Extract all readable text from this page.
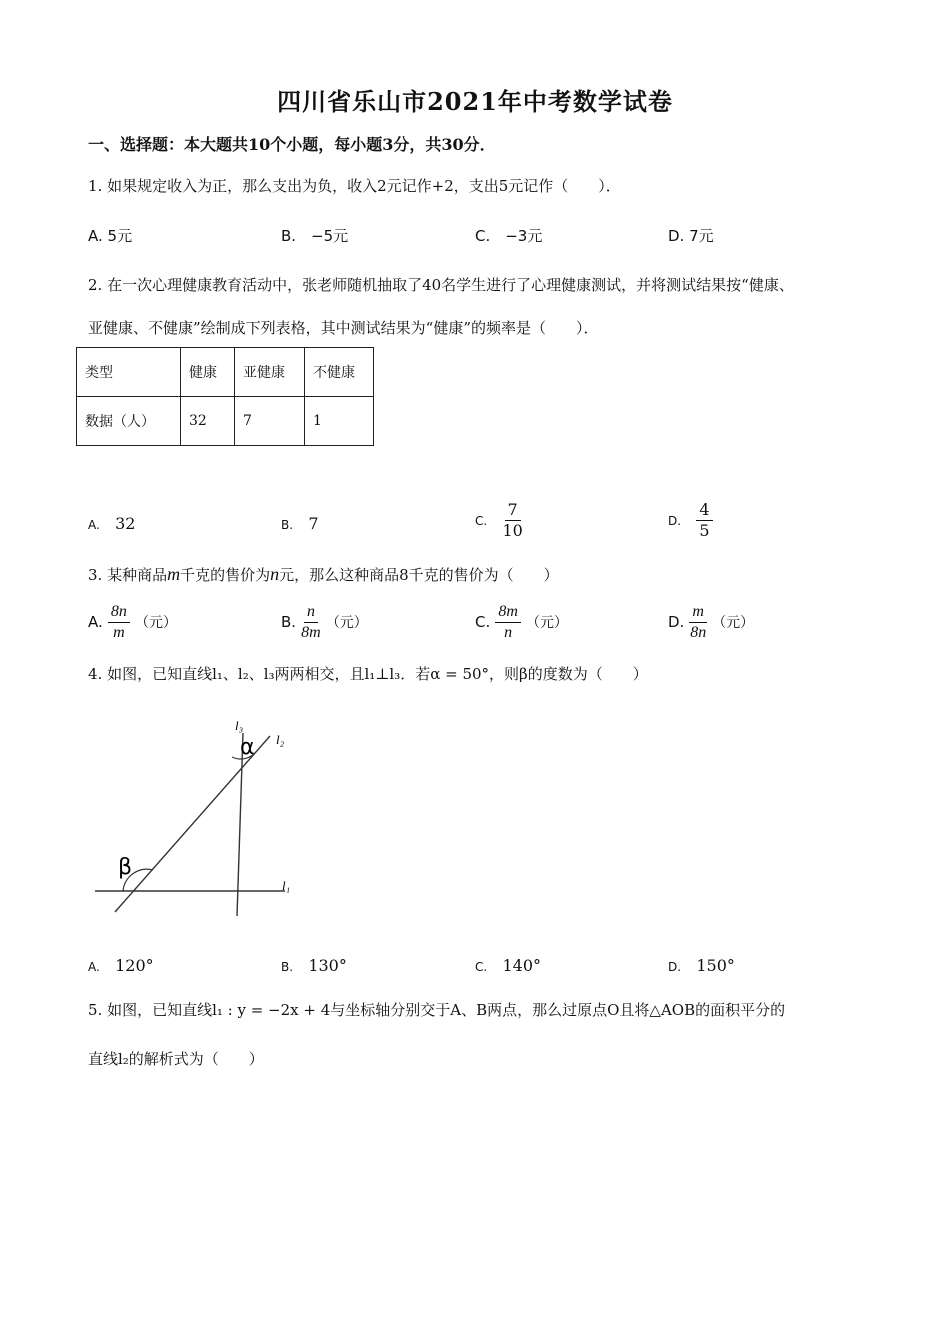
四川省乐山市2021年中考数学试卷
一、选择题：本大题共10个小题，每小题3分，共30分．
1. 如果规定收入为正，那么支出为负，收入2元记作+2，支出5元记作（　　）．
A. 5元	B.　−5元	C.　−3元	D. 7元
2. 在一次心理健康教育活动中，张老师随机抽取了40名学生进行了心理健康测试，并将测试结果按“健康、
亚健康、不健康”绘制成下列表格，其中测试结果为“健康”的频率是（　　）．
类型	健康	亚健康	不健康
数据（人）	32	7	1
A. 32	B. 7	C. $\frac{7}{10}$	D. $\frac{4}{5}$
3. 某种商品m千克的售价为n元，那么这种商品8千克的售价为（　　）
A. $\frac{8n}{m}$ （元）	B. $\frac{n}{8m}$ （元）	C. $\frac{8m}{n}$ （元）	D. $\frac{m}{8n}$ （元）
4. 如图，已知直线l₁、l₂、l₃两两相交，且l₁⊥l₃．若α = 50°，则β的度数为（　　）
l₃
l₂
l₁
α
β
A. 120°	B. 130°	C. 140°	D. 150°
5. 如图，已知直线l₁ : y = −2x + 4与坐标轴分别交于A、B两点，那么过原点O且将△AOB的面积平分的
直线l₂的解析式为（　　）
